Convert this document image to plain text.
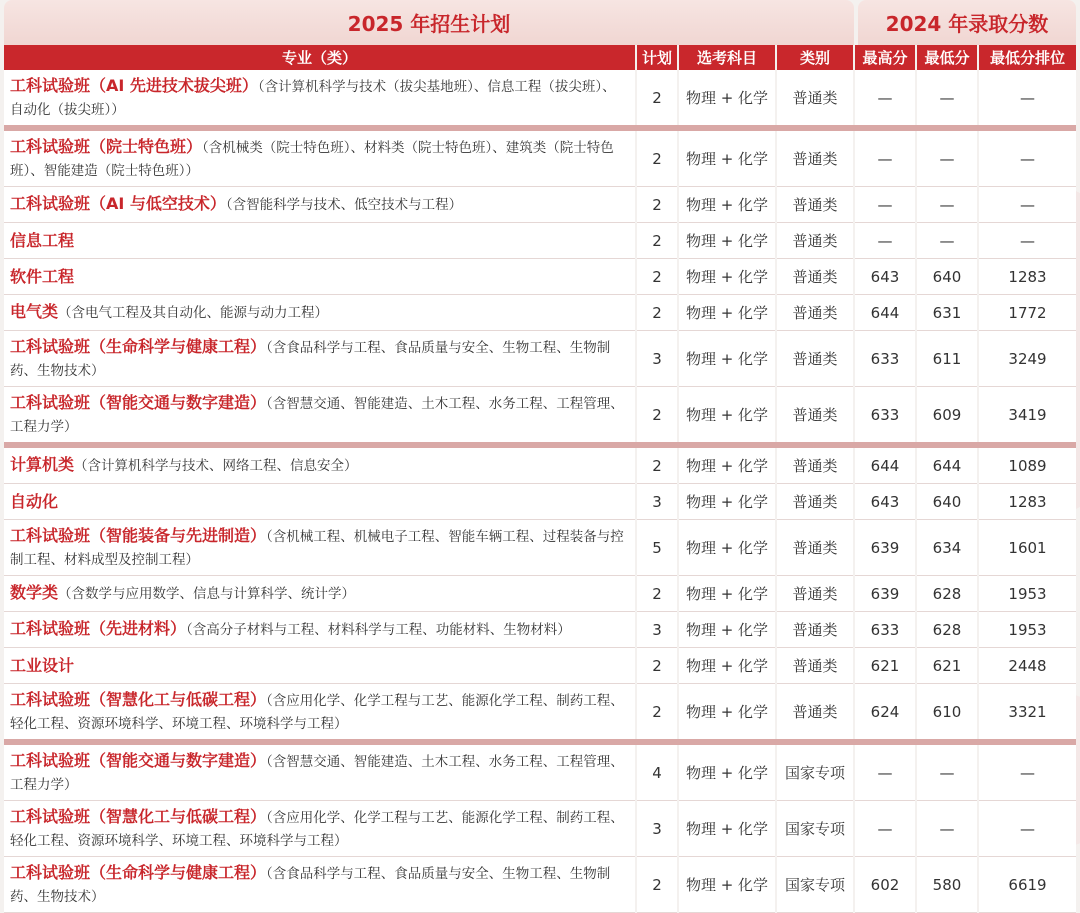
2025 年招生计划	2024 年录取分数
专业（类）	计划	选考科目	类别	最高分	最低分	最低分排位
工科试验班（AI 先进技术拔尖班）（含计算机科学与技术（拔尖基地班）、信息工程（拔尖班）、自动化（拔尖班））	2	物理 + 化学	普通类	—	—	—
工科试验班（院士特色班）（含机械类（院士特色班）、材料类（院士特色班）、建筑类（院士特色班）、智能建造（院士特色班））	2	物理 + 化学	普通类	—	—	—
工科试验班（AI 与低空技术）（含智能科学与技术、低空技术与工程）	2	物理 + 化学	普通类	—	—	—
信息工程	2	物理 + 化学	普通类	—	—	—
软件工程	2	物理 + 化学	普通类	643	640	1283
电气类（含电气工程及其自动化、能源与动力工程）	2	物理 + 化学	普通类	644	631	1772
工科试验班（生命科学与健康工程）（含食品科学与工程、食品质量与安全、生物工程、生物制药、生物技术）	3	物理 + 化学	普通类	633	611	3249
工科试验班（智能交通与数字建造）（含智慧交通、智能建造、土木工程、水务工程、工程管理、工程力学）	2	物理 + 化学	普通类	633	609	3419
计算机类（含计算机科学与技术、网络工程、信息安全）	2	物理 + 化学	普通类	644	644	1089
自动化	3	物理 + 化学	普通类	643	640	1283
工科试验班（智能装备与先进制造）（含机械工程、机械电子工程、智能车辆工程、过程装备与控制工程、材料成型及控制工程）	5	物理 + 化学	普通类	639	634	1601
数学类（含数学与应用数学、信息与计算科学、统计学）	2	物理 + 化学	普通类	639	628	1953
工科试验班（先进材料）（含高分子材料与工程、材料科学与工程、功能材料、生物材料）	3	物理 + 化学	普通类	633	628	1953
工业设计	2	物理 + 化学	普通类	621	621	2448
工科试验班（智慧化工与低碳工程）（含应用化学、化学工程与工艺、能源化学工程、制药工程、轻化工程、资源环境科学、环境工程、环境科学与工程）	2	物理 + 化学	普通类	624	610	3321
工科试验班（智能交通与数字建造）（含智慧交通、智能建造、土木工程、水务工程、工程管理、工程力学）	4	物理 + 化学	国家专项	—	—	—
工科试验班（智慧化工与低碳工程）（含应用化学、化学工程与工艺、能源化学工程、制药工程、轻化工程、资源环境科学、环境工程、环境科学与工程）	3	物理 + 化学	国家专项	—	—	—
工科试验班（生命科学与健康工程）（含食品科学与工程、食品质量与安全、生物工程、生物制药、生物技术）	2	物理 + 化学	国家专项	602	580	6619
